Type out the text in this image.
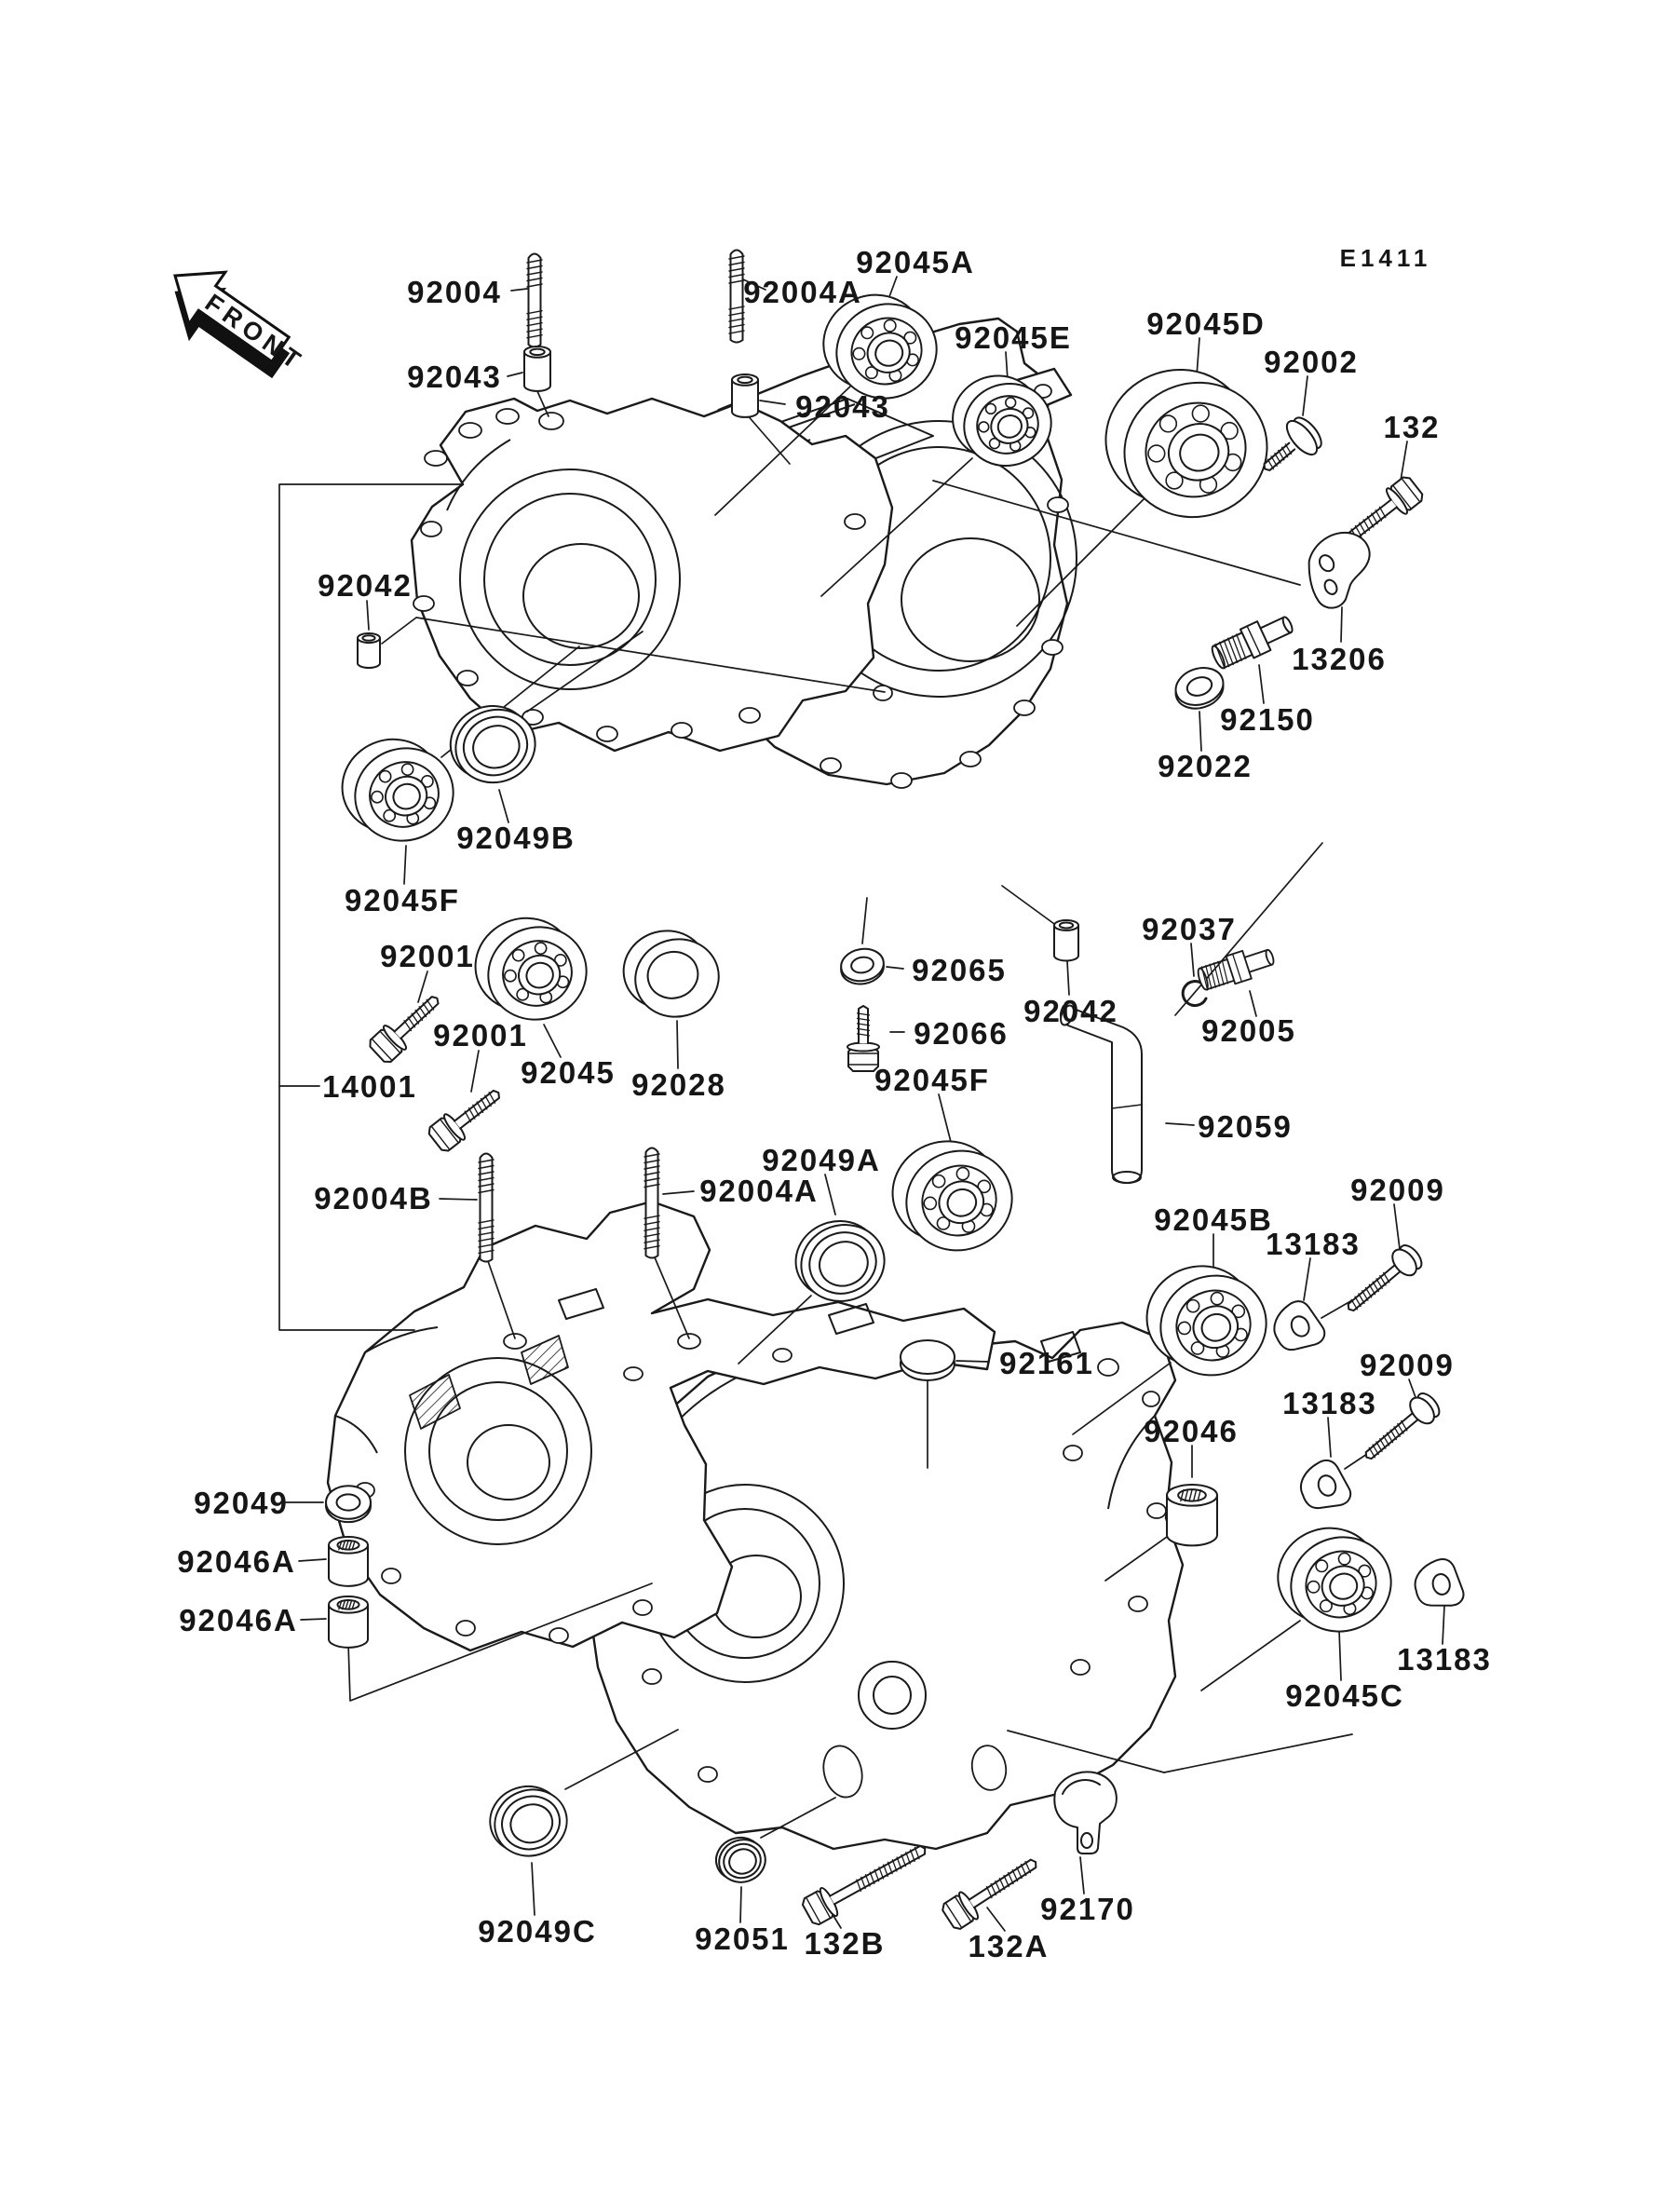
FRONT
E1411
92004
92043
92004A
92043
92045A
92045E 92045D
92002
132
13206
92150
92022
92042
92049B
92045F
92001
92001
14001	92045 92028
92065
92066
92045F
92049A
92004A
92004B
92161
92059
92037
92005
92042
92045B
13183
92009
92009
13183
92046
92045C
13183
92049
92046A
92046A
92049C	92051 132B	132A
92170
